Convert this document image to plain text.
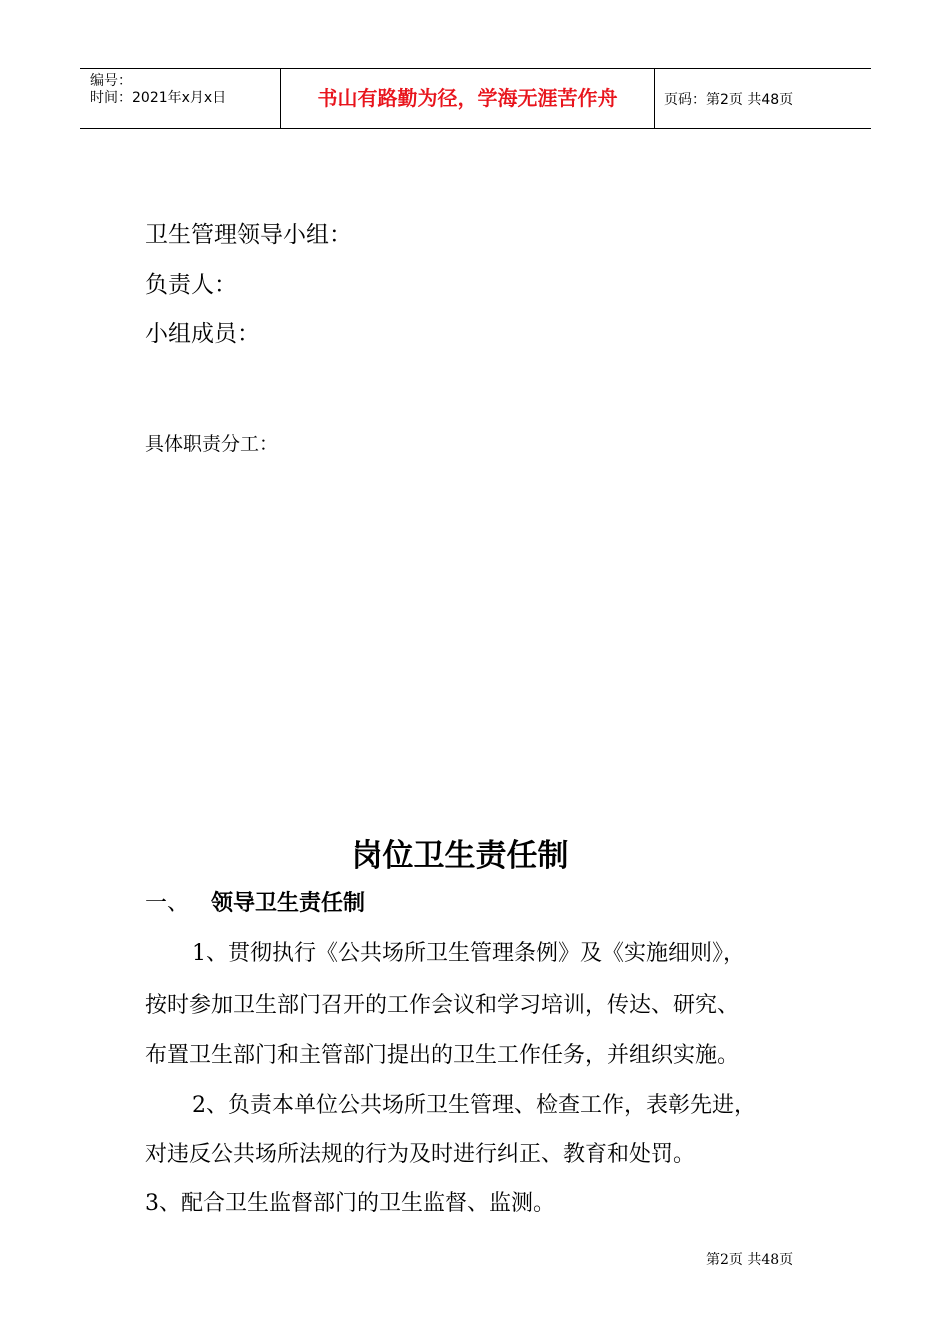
编号：
时间：2021年x月x日	书山有路勤为径，学海无涯苦作舟	页码：第2页 共48页
卫生管理领导小组：
负责人：
小组成员：
具体职责分工：
岗位卫生责任制
一、 领导卫生责任制
1、贯彻执行《公共场所卫生管理条例》及《实施细则》，
按时参加卫生部门召开的工作会议和学习培训，传达、研究、
布置卫生部门和主管部门提出的卫生工作任务，并组织实施。
2、负责本单位公共场所卫生管理、检查工作，表彰先进，
对违反公共场所法规的行为及时进行纠正、教育和处罚。
3、配合卫生监督部门的卫生监督、监测。
第2页 共48页
